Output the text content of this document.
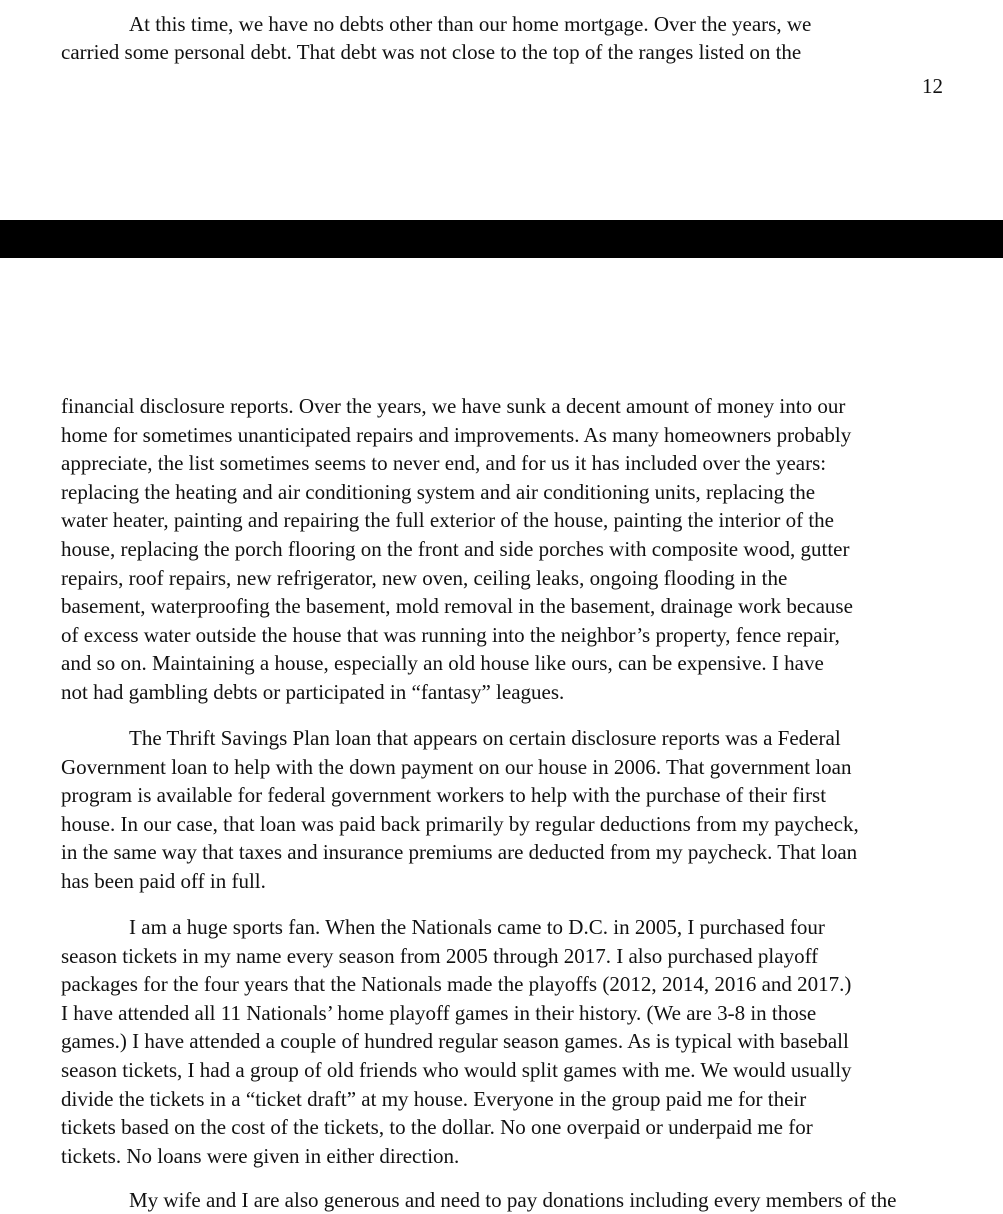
At this time, we have no debts other than our home mortgage. Over the years, we
carried some personal debt. That debt was not close to the top of the ranges listed on the
12
financial disclosure reports. Over the years, we have sunk a decent amount of money into our
home for sometimes unanticipated repairs and improvements. As many homeowners probably
appreciate, the list sometimes seems to never end, and for us it has included over the years:
replacing the heating and air conditioning system and air conditioning units, replacing the
water heater, painting and repairing the full exterior of the house, painting the interior of the
house, replacing the porch flooring on the front and side porches with composite wood, gutter
repairs, roof repairs, new refrigerator, new oven, ceiling leaks, ongoing flooding in the
basement, waterproofing the basement, mold removal in the basement, drainage work because
of excess water outside the house that was running into the neighbor’s property, fence repair,
and so on. Maintaining a house, especially an old house like ours, can be expensive. I have
not had gambling debts or participated in “fantasy” leagues.
The Thrift Savings Plan loan that appears on certain disclosure reports was a Federal
Government loan to help with the down payment on our house in 2006. That government loan
program is available for federal government workers to help with the purchase of their first
house. In our case, that loan was paid back primarily by regular deductions from my paycheck,
in the same way that taxes and insurance premiums are deducted from my paycheck. That loan
has been paid off in full.
I am a huge sports fan. When the Nationals came to D.C. in 2005, I purchased four
season tickets in my name every season from 2005 through 2017. I also purchased playoff
packages for the four years that the Nationals made the playoffs (2012, 2014, 2016 and 2017.)
I have attended all 11 Nationals’ home playoff games in their history. (We are 3-8 in those
games.) I have attended a couple of hundred regular season games. As is typical with baseball
season tickets, I had a group of old friends who would split games with me. We would usually
divide the tickets in a “ticket draft” at my house. Everyone in the group paid me for their
tickets based on the cost of the tickets, to the dollar. No one overpaid or underpaid me for
tickets. No loans were given in either direction.
My wife and I are also generous and need to pay donations including every members of the
